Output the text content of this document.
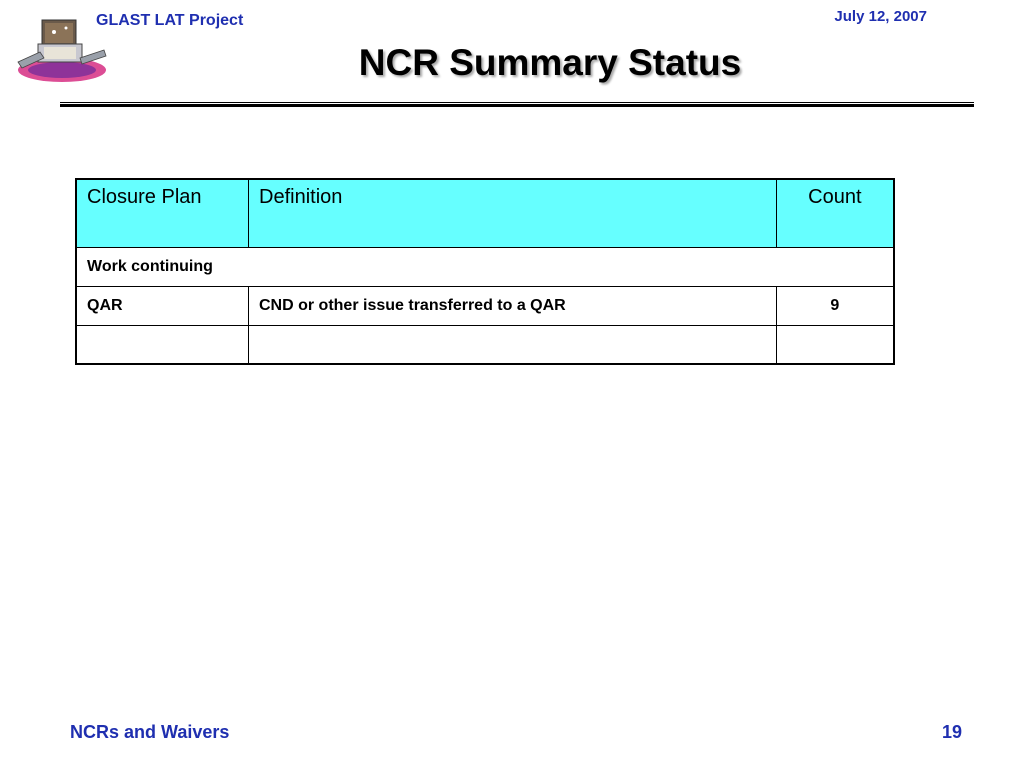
GLAST LAT Project	July 12, 2007
NCR Summary Status
Closure Plan	Definition	Count
Work continuing		
QAR	CND or other issue transferred to a QAR	9

NCRs and Waivers	19
